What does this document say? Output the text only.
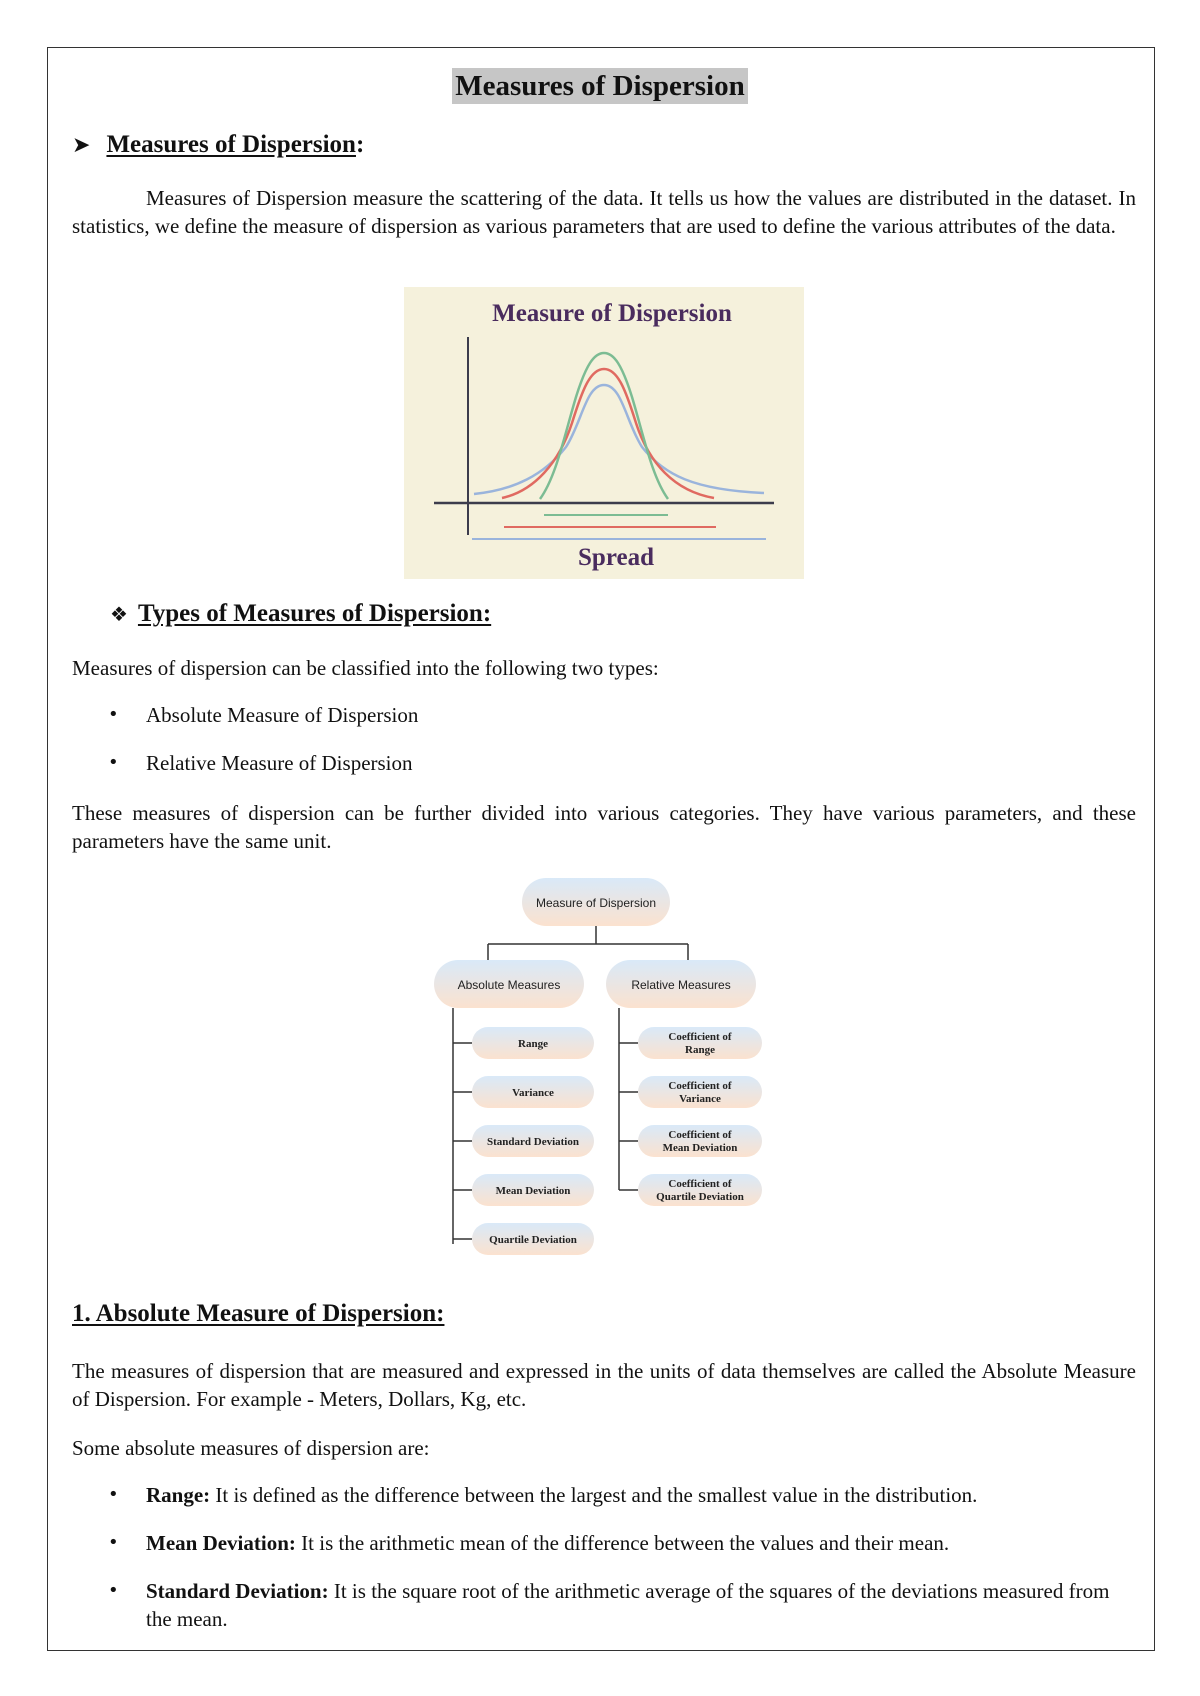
Measures of Dispersion
➤ Measures of Dispersion:
Measures of Dispersion measure the scattering of the data. It tells us how the values are distributed in the dataset. In statistics, we define the measure of dispersion as various parameters that are used to define the various attributes of the data.
Measure of Dispersion
Spread
❖ Types of Measures of Dispersion:
Measures of dispersion can be classified into the following two types:
• Absolute Measure of Dispersion
• Relative Measure of Dispersion
These measures of dispersion can be further divided into various categories. They have various parameters, and these parameters have the same unit.
Measure of Dispersion
Absolute Measures	Relative Measures
Range
Variance
Standard Deviation
Mean Deviation
Quartile Deviation
Coefficient of
Range
Coefficient of
Variance
Coefficient of
Mean Deviation
Coefficient of
Quartile Deviation
1. Absolute Measure of Dispersion:
The measures of dispersion that are measured and expressed in the units of data themselves are called the Absolute Measure of Dispersion. For example - Meters, Dollars, Kg, etc.
Some absolute measures of dispersion are:
• Range: It is defined as the difference between the largest and the smallest value in the distribution.
• Mean Deviation: It is the arithmetic mean of the difference between the values and their mean.
• Standard Deviation: It is the square root of the arithmetic average of the squares of the deviations measured from the mean.
